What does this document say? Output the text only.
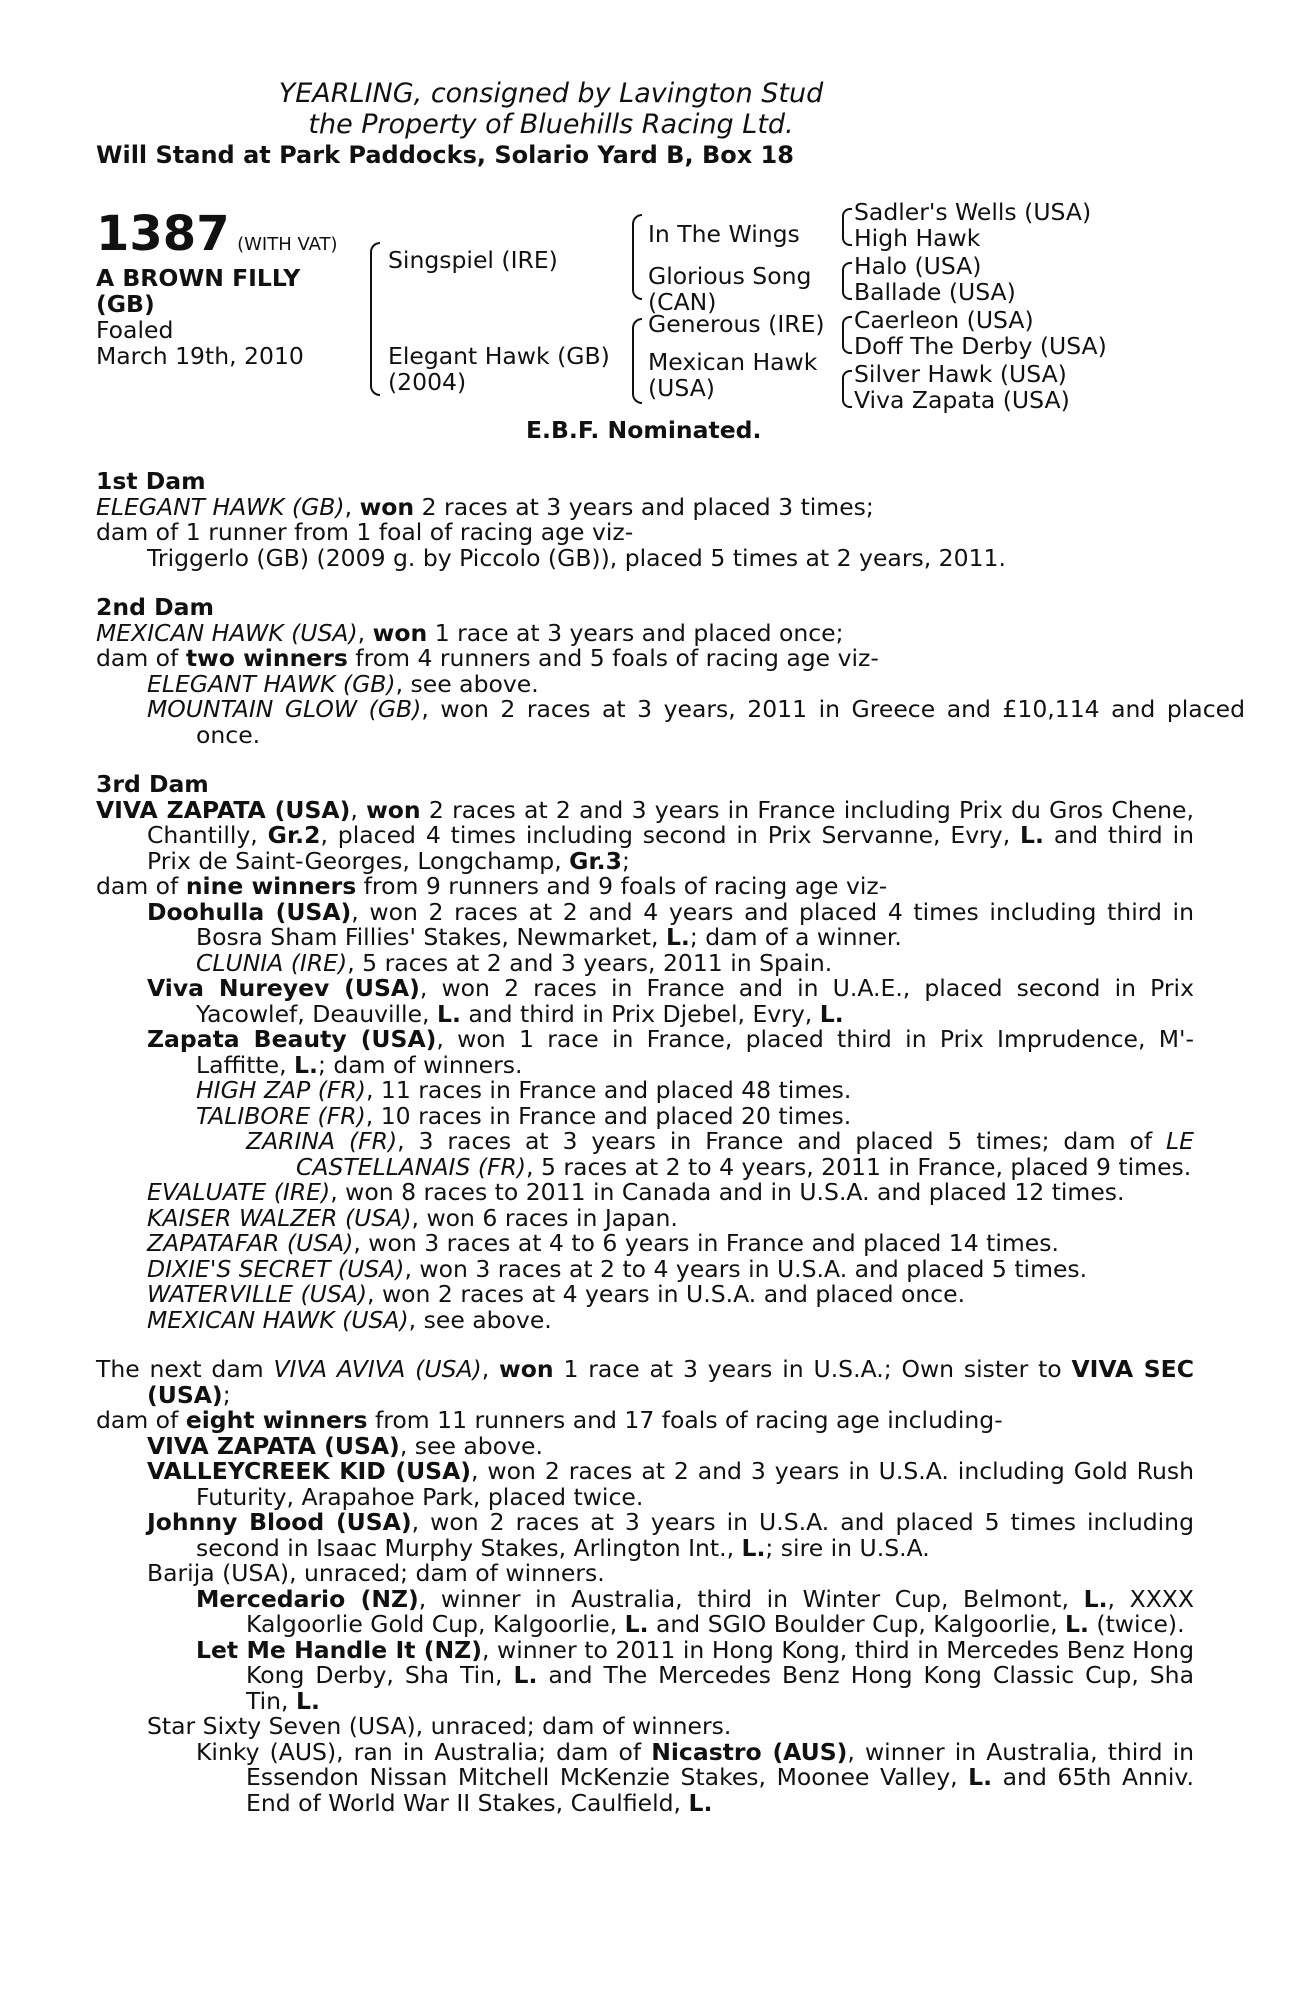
YEARLING, consigned by Lavington Stud
the Property of Bluehills Racing Ltd.
Will Stand at Park Paddocks, Solario Yard B, Box 18
1387 (WITH VAT)
A BROWN FILLY
(GB)
Foaled
March 19th, 2010
Singspiel (IRE)
Elegant Hawk (GB)
(2004)
In The Wings
Glorious Song
(CAN)
Generous (IRE)
Mexican Hawk
(USA)
Sadler's Wells (USA)
High Hawk
Halo (USA)
Ballade (USA)
Caerleon (USA)
Doff The Derby (USA)
Silver Hawk (USA)
Viva Zapata (USA)
E.B.F. Nominated.
1st Dam
ELEGANT HAWK (GB), won 2 races at 3 years and placed 3 times;
dam of 1 runner from 1 foal of racing age viz-
Triggerlo (GB) (2009 g. by Piccolo (GB)), placed 5 times at 2 years, 2011.
2nd Dam
MEXICAN HAWK (USA), won 1 race at 3 years and placed once;
dam of two winners from 4 runners and 5 foals of racing age viz-
ELEGANT HAWK (GB), see above.
MOUNTAIN GLOW (GB), won 2 races at 3 years, 2011 in Greece and £10,114 and placed once.
3rd Dam
VIVA ZAPATA (USA), won 2 races at 2 and 3 years in France including Prix du Gros Chene, Chantilly, Gr.2, placed 4 times including second in Prix Servanne, Evry, L. and third in Prix de Saint-Georges, Longchamp, Gr.3;
dam of nine winners from 9 runners and 9 foals of racing age viz-
Doohulla (USA), won 2 races at 2 and 4 years and placed 4 times including third in Bosra Sham Fillies' Stakes, Newmarket, L.; dam of a winner.
CLUNIA (IRE), 5 races at 2 and 3 years, 2011 in Spain.
Viva Nureyev (USA), won 2 races in France and in U.A.E., placed second in Prix Yacowlef, Deauville, L. and third in Prix Djebel, Evry, L.
Zapata Beauty (USA), won 1 race in France, placed third in Prix Imprudence, M'-Laffitte, L.; dam of winners.
HIGH ZAP (FR), 11 races in France and placed 48 times.
TALIBORE (FR), 10 races in France and placed 20 times.
ZARINA (FR), 3 races at 3 years in France and placed 5 times; dam of LE CASTELLANAIS (FR), 5 races at 2 to 4 years, 2011 in France, placed 9 times.
EVALUATE (IRE), won 8 races to 2011 in Canada and in U.S.A. and placed 12 times.
KAISER WALZER (USA), won 6 races in Japan.
ZAPATAFAR (USA), won 3 races at 4 to 6 years in France and placed 14 times.
DIXIE'S SECRET (USA), won 3 races at 2 to 4 years in U.S.A. and placed 5 times.
WATERVILLE (USA), won 2 races at 4 years in U.S.A. and placed once.
MEXICAN HAWK (USA), see above.
The next dam VIVA AVIVA (USA), won 1 race at 3 years in U.S.A.; Own sister to VIVA SEC (USA);
dam of eight winners from 11 runners and 17 foals of racing age including-
VIVA ZAPATA (USA), see above.
VALLEYCREEK KID (USA), won 2 races at 2 and 3 years in U.S.A. including Gold Rush Futurity, Arapahoe Park, placed twice.
Johnny Blood (USA), won 2 races at 3 years in U.S.A. and placed 5 times including second in Isaac Murphy Stakes, Arlington Int., L.; sire in U.S.A.
Barija (USA), unraced; dam of winners.
Mercedario (NZ), winner in Australia, third in Winter Cup, Belmont, L., XXXX Kalgoorlie Gold Cup, Kalgoorlie, L. and SGIO Boulder Cup, Kalgoorlie, L. (twice).
Let Me Handle It (NZ), winner to 2011 in Hong Kong, third in Mercedes Benz Hong Kong Derby, Sha Tin, L. and The Mercedes Benz Hong Kong Classic Cup, Sha Tin, L.
Star Sixty Seven (USA), unraced; dam of winners.
Kinky (AUS), ran in Australia; dam of Nicastro (AUS), winner in Australia, third in Essendon Nissan Mitchell McKenzie Stakes, Moonee Valley, L. and 65th Anniv. End of World War II Stakes, Caulfield, L.
